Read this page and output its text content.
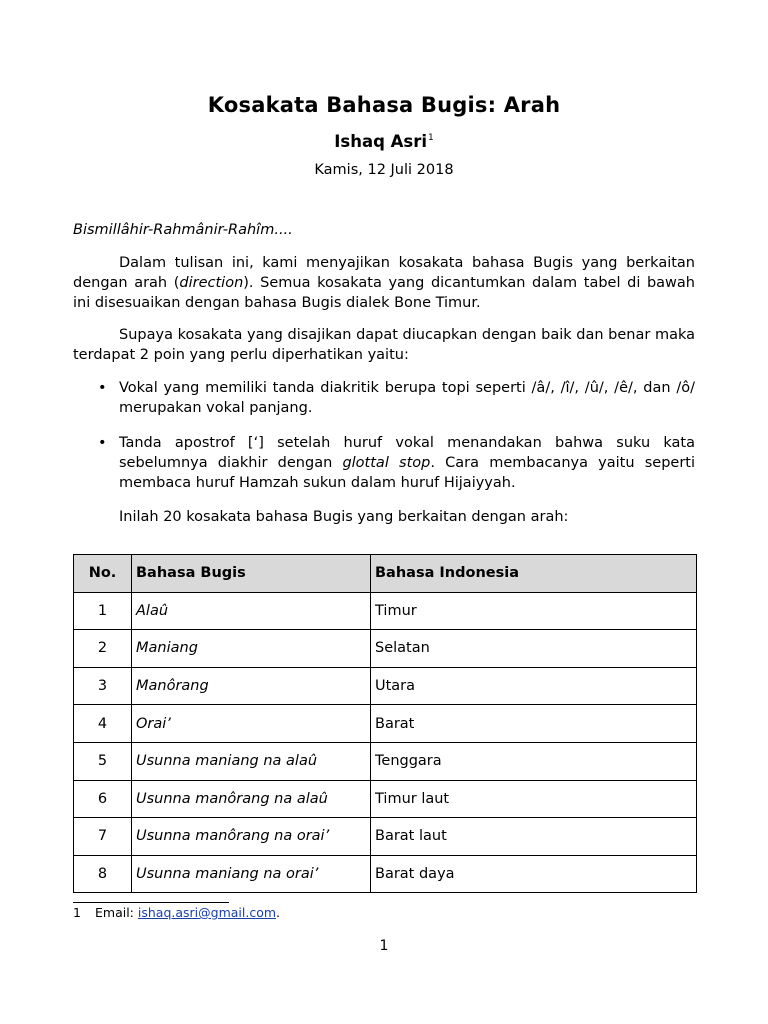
Kosakata Bahasa Bugis: Arah
Ishaq Asri$^1$
Kamis, 12 Juli 2018
Bismillâhir-Rahmânir-Rahîm....
Dalam tulisan ini, kami menyajikan kosakata bahasa Bugis yang berkaitan dengan arah (direction). Semua kosakata yang dicantumkan dalam tabel di bawah ini disesuaikan dengan bahasa Bugis dialek Bone Timur.
Supaya kosakata yang disajikan dapat diucapkan dengan baik dan benar maka terdapat 2 poin yang perlu diperhatikan yaitu:
• Vokal yang memiliki tanda diakritik berupa topi seperti /â/, /î/, /û/, /ê/, dan /ô/ merupakan vokal panjang.
• Tanda apostrof [‘] setelah huruf vokal menandakan bahwa suku kata sebelumnya diakhir dengan glottal stop. Cara membacanya yaitu seperti membaca huruf Hamzah sukun dalam huruf Hijaiyyah.
Inilah 20 kosakata bahasa Bugis yang berkaitan dengan arah:
No.	Bahasa Bugis	Bahasa Indonesia
1	Alaû	Timur
2	Maniang	Selatan
3	Manôrang	Utara
4	Orai’	Barat
5	Usunna maniang na alaû	Tenggara
6	Usunna manôrang na alaû	Timur laut
7	Usunna manôrang na orai’	Barat laut
8	Usunna maniang na orai’	Barat daya
1 Email: ishaq.asri@gmail.com.
1
